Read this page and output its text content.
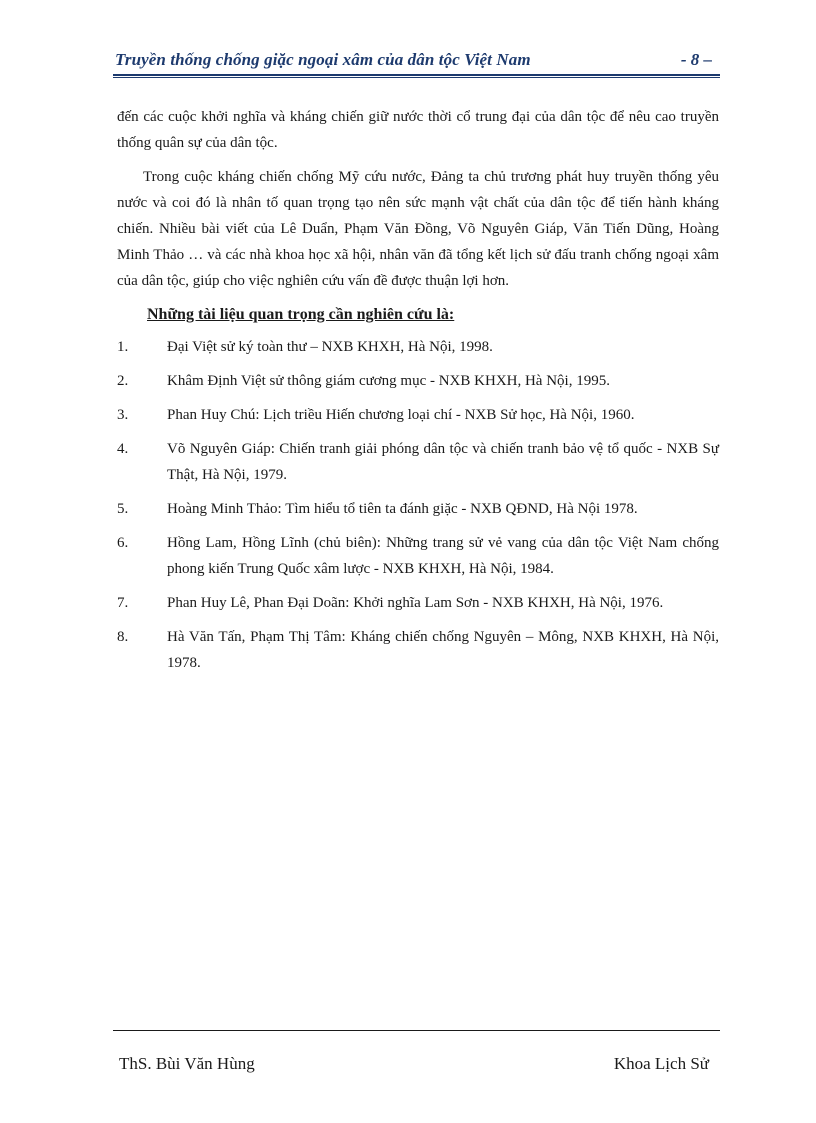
Truyền thống chống giặc ngoại xâm của dân tộc Việt Nam	- 8 –

đến các cuộc khởi nghĩa và kháng chiến giữ nước thời cổ trung đại của dân tộc để nêu cao truyền thống quân sự của dân tộc.

Trong cuộc kháng chiến chống Mỹ cứu nước, Đảng ta chủ trương phát huy truyền thống yêu nước và coi đó là nhân tố quan trọng tạo nên sức mạnh vật chất của dân tộc để tiến hành kháng chiến. Nhiều bài viết của Lê Duẩn, Phạm Văn Đồng, Võ Nguyên Giáp, Văn Tiến Dũng, Hoàng Minh Thảo … và các nhà khoa học xã hội, nhân văn đã tổng kết lịch sử đấu tranh chống ngoại xâm của dân tộc, giúp cho việc nghiên cứu vấn đề được thuận lợi hơn.

Những tài liệu quan trọng cần nghiên cứu là:

1.	Đại Việt sử ký toàn thư – NXB KHXH, Hà Nội, 1998.
2.	Khâm Định Việt sử thông giám cương mục - NXB KHXH, Hà Nội, 1995.
3.	Phan Huy Chú: Lịch triều Hiến chương loại chí - NXB Sử học, Hà Nội, 1960.
4.	Võ Nguyên Giáp: Chiến tranh giải phóng dân tộc và chiến tranh bảo vệ tổ quốc - NXB Sự Thật, Hà Nội, 1979.
5.	Hoàng Minh Thảo: Tìm hiểu tổ tiên ta đánh giặc - NXB QĐND, Hà Nội 1978.
6.	Hồng Lam, Hồng Lĩnh (chủ biên): Những trang sử vẻ vang của dân tộc Việt Nam chống phong kiến Trung Quốc xâm lược - NXB KHXH, Hà Nội, 1984.
7.	Phan Huy Lê, Phan Đại Doãn: Khởi nghĩa Lam Sơn - NXB KHXH, Hà Nội, 1976.
8.	Hà Văn Tấn, Phạm Thị Tâm: Kháng chiến chống Nguyên – Mông, NXB KHXH, Hà Nội, 1978.
ThS. Bùi Văn Hùng	Khoa Lịch Sử
